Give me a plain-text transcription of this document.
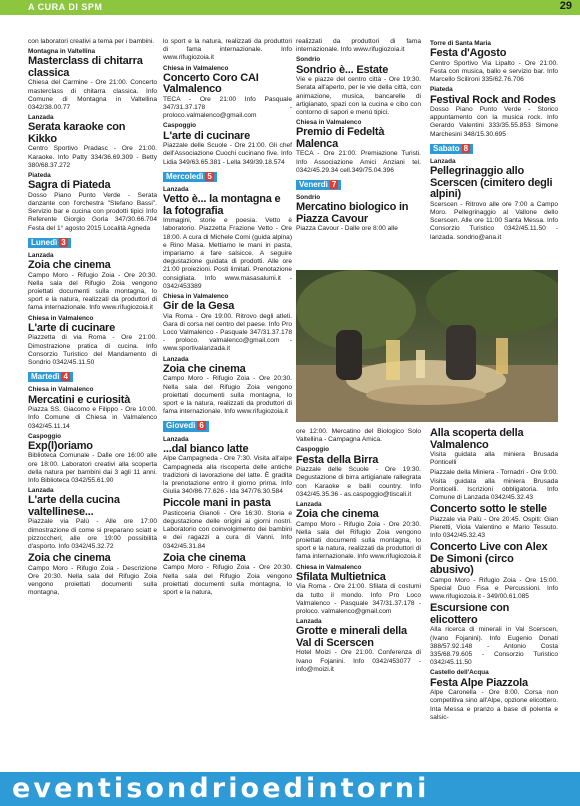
A CURA DI SPM	29

con laboratori creativi a tema per i bambini.

Montagna in Valtellina
Masterclass di chitarra classica

Chiesa del Carmine - Ore 21:00. Concerto masterclass di chitarra classica. Info Comune di Montagna in Valtellina 0342/38.00.77

Lanzada
Serata karaoke con Kikko

Centro Sportivo Pradasc - Ore 21:00. Karaoke. Info Patty 334/36.69.309 - Betty 380/68.37.272

Piateda
Sagra di Piateda

Dosso Piano Punto Verde - Serata danzante con l'orchestra "Stefano Bassi". Servizio bar e cucina con prodotti tipici Info Referente Giorgio Gorla 347/30.66.704 Festa del 1° agosto 2015 Località Agneda

Lunedì 3
Lanzada
Zoia che cinema

Campo Moro - Rifugio Zoia - Ore 20:30. Nella sala del Rifugio Zoia vengono proiettati documenti sulla montagna, lo sport e la natura, realizzati da produttori di fama internazionale. Info www.rifugiozoia.it

Chiesa in Valmalenco
L'arte di cucinare

Piazzetta di via Roma - Ore 21:00. Dimostrazione pratica di cucina. Info Consorzio Turistico del Mandamento di Sondrio 0342/45.11.50

Martedì 4
Chiesa in Valmalenco
Mercatini e curiosità

Piazza SS. Giacomo e Filippo - Ore 10:00. Info Comune di Chiesa in Valmalenco 0342/45.11.14

Caspoggio
Exp(l)oriamo

Biblioteca Comunale - Dalle ore 16:00 alle ore 18:00. Laboratori creativi alla scoperta della natura per bambini dai 3 agli 11 anni. Info Biblioteca 0342/55.61.90

Lanzada
L'arte della cucina valtellinese...

Piazzale via Palù - Alle ore 17:00 dimostrazione di come si preparano sciatt e pizzoccheri; alle ore 19:00 possibilità d'asporto. Info 0342/45.32.72

Zoia che cinema

Campo Moro - Rifugio Zoia - Descrizione Ore 20:30. Nella sala del Rifugio Zoia vengono proiettati documenti sulla montagna,

lo sport e la natura, realizzati da produttori di fama internazionale. Info www.rifugiozoia.it

Chiesa in Valmalenco
Concerto Coro CAI Valmalenco

TECA - Ore 21:00 Info Pasquale 347/31.37.178 - proloco.valmalenco@gmail.com

Caspoggio
L'arte di cucinare

Piazzale delle Scuole - Ore 21:00. Gli chef dell'Associazione Cuochi cucinano five. Info Lidia 349/63.65.381 - Lella 349/39.18.574

Mercoledì 5
Lanzada
Vetto è... la montagna e la fotografia

Immagini, storie e poesia. Vetto è laboratorio. Piazzetta Frazione Vetto - Ore 18:00. A cura di Michele Comi (guida alpina) e Rino Masa. Mettiamo le mani in pasta, impariamo a fare salsicce. A seguire degustazione guidata di prodotti. Alle ore 21:00 proiezioni. Posti limitati. Prenotazione consigliata. Info www.masasalumi.it - 0342/453389

Chiesa in Valmalenco
Gir de la Gesa

Via Roma - Ore 19:00. Ritrovo degli atleti. Gara di corsa nel centro del paese. Info Pro Loco Valmalenco - Pasquale 347/31.37.178 - proloco. valmalenco@gmail.com - www.sportivalanzada.it

Lanzada
Zoia che cinema

Campo Moro - Rifugio Zoia - Ore 20:30. Nella sala del Rifugio Zoia vengono proiettati documenti sulla montagna, lo sport e la natura, realizzati da produttori di fama internazionale. Info www.rifugiozoia.it

Giovedì 6
Lanzada
...dal bianco latte

Alpe Campagneda - Ore 7:30. Visita all'alpe Campagneda alla riscoperta delle antiche tradizioni di lavorazione del latte. È gradita la prenotazione entro il giorno prima. Info Giulia 340/86.77.626 - Ida 347/76.30.584

Piccole mani in pasta

Pasticceria Gianoli - Ore 16:30. Storia e degustazione delle origini ai giorni nostri. Laboratorio con coinvolgimento dei bambini e dei ragazzi a cura di Vanni. Info 0342/45.31.84

Zoia che cinema

Campo Moro - Rifugio Zoia - Ore 20:30. Nella sala del Rifugio Zoia vengono proiettati documenti sulla montagna, lo sport e la natura,

realizzati da produttori di fama internazionale. Info www.rifugiozoia.it

Sondrio
Sondrio è... Estate

Vie e piazze del centro città - Ore 19:30. Serata all'aperto, per le vie della città, con animazione, musica, bancarelle di artigianato, spazi con la cucina e cibo con contorno di sapori e menù tipici.

Chiesa in Valmalenco
Premio di Fedeltà Malenca

TECA - Ore 21:00. Premiazione Turisti. Info Associazione Amici Anziani tel. 0342/45.29.34 cell.349/75.04.396

Venerdì 7
Sondrio
Mercatino biologico in Piazza Cavour

Piazza Cavour - Dalle ore 8:00 alle

Torre di Santa Maria
Festa d'Agosto

Centro Sportivo Via Lipalto - Ore 21:00. Festa con musica, ballo e servizio bar. Info Marcello Scilironi 335/62.76.706

Piateda
Festival Rock and Rodes

Dosso Piano Punto Verde - Storico appuntamento con la musica rock. Info Gerardo Valentini 333/35.55.853 Simone Marchesini 348/15.30.695

Sabato 8
Lanzada
Pellegrinaggio allo Scerscen (cimitero degli alpini)

Scerscen - Ritrovo alle ore 7:00 a Campo Moro. Pellegrinaggio al Vallone dello Scerscen. Alle ore 11:00 Santa Messa. Info Consorzio Turistico 0342/45.11.50 - lanzada. sondrio@ana.it

ore 12:00. Mercatino del Biologico Solo Valtellina - Campagna Amica.

Caspoggio
Festa della Birra

Piazzale delle Scuole - Ore 19:30. Degustazione di birra artigianale rallegrata con Karaoke e balli country. Info 0342/45.35.36 - as.caspoggio@tiscali.it

Lanzada
Zoia che cinema

Campo Moro - Rifugio Zoia - Ore 20:30. Nella sala del Rifugio Zoia vengono proiettati documenti sulla montagna, lo sport e la natura, realizzati da produttori di fama internazionale. Info www.rifugiozoia.it

Chiesa in Valmalenco
Sfilata Multietnica

Via Roma - Ore 21:00. Sfilata di costumi da tutto il mondo. Info Pro Loco Valmalenco - Pasquale 347/31.37.178 - proloco. valmalenco@gmail.com

Lanzada
Grotte e minerali della Val di Scerscen

Hotel Moizi - Ore 21:00. Conferenza di Ivano Fojanini. Info 0342/453077 - info@moizi.it

Alla scoperta della Valmalenco

Visita guidata alla miniera Brusada Ponticelli

Piazzale della Miniera - Tornadri - Ore 9:00. Visita guidata alla miniera Brusada Ponticelli. Iscrizioni obbligatoria. Info Comune di Lanzada 0342/45.32.43

Concerto sotto le stelle

Piazzale via Palù - Ore 20:45. Ospiti: Gian Pieretti, Viola Valentino e Mario Tessuto. Info 0342/45.32.43

Concerto Live con Alex De Simoni (circo abusivo)

Campo Moro - Rifugio Zoia - Ore 15:00. Special Duo Fisa e Percussioni. Info www.rifugiozoia.it - 349/00.61.085

Escursione con elicottero

Alla ricerca di minerali in Val Scerscen, (Ivano Fojanini). Info Eugenio Donati 388/57.92.148 - Antonio Costa 335/68.79.605 - Consorzio Turistico 0342/45.11.50

Castello dell'Acqua
Festa Alpe Piazzola

Alpe Caronella - Ore 8:00. Corsa non competitiva sino all'Alpe, opzione elicottero. Inta Messa e pranzo a base di polenta e salsic-

eventisondrioedintorni
